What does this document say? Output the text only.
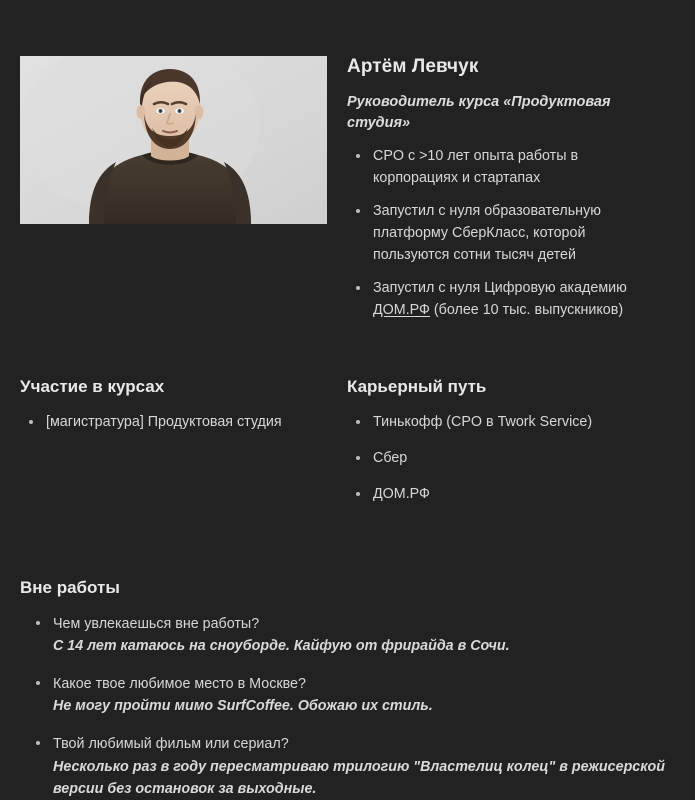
Артём Левчук

Руководитель курса «Продуктовая студия»

CPO с >10 лет опыта работы в корпорациях и стартапах
Запустил с нуля образовательную платформу СберКласс, которой пользуются сотни тысяч детей
Запустил с нуля Цифровую академию ДОМ.РФ (более 10 тыс. выпускников)
Участие в курсах
[магистратура] Продуктовая студия
Карьерный путь
Тинькофф (CPO в Twork Service)
Сбер
ДОМ.РФ
Вне работы
Чем увлекаешься вне работы?
С 14 лет катаюсь на сноуборде. Кайфую от фрирайда в Сочи.
Какое твое любимое место в Москве?
Не могу пройти мимо SurfCoffee. Обожаю их стиль.
Твой любимый фильм или сериал?
Несколько раз в году пересматриваю трилогию "Властелиц колец" в режисерской версии без остановок за выходные.
